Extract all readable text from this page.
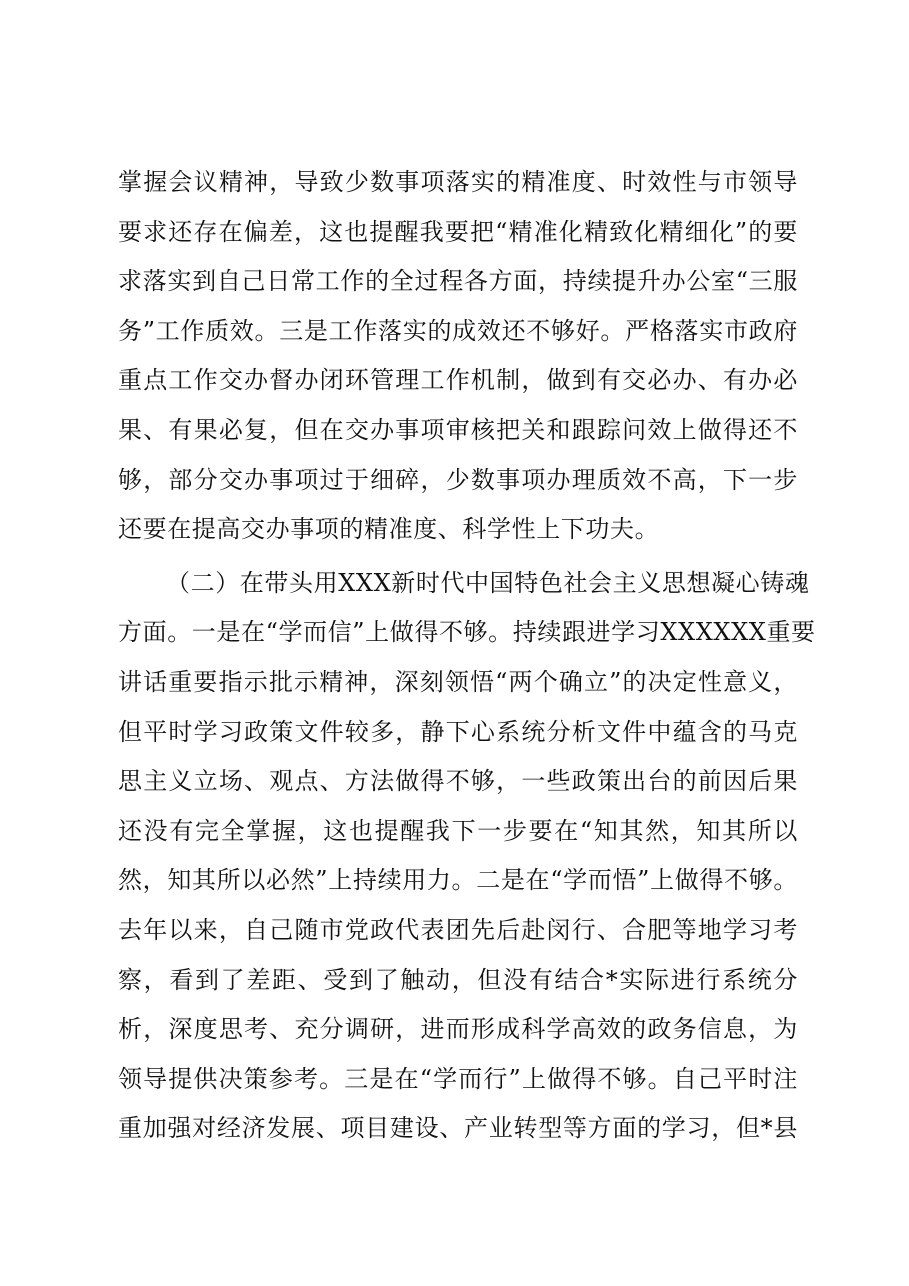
掌握会议精神，导致少数事项落实的精准度、时效性与市领导
要求还存在偏差，这也提醒我要把“精准化精致化精细化”的要
求落实到自己日常工作的全过程各方面，持续提升办公室“三服
务”工作质效。三是工作落实的成效还不够好。严格落实市政府
重点工作交办督办闭环管理工作机制，做到有交必办、有办必
果、有果必复，但在交办事项审核把关和跟踪问效上做得还不
够，部分交办事项过于细碎，少数事项办理质效不高，下一步
还要在提高交办事项的精准度、科学性上下功夫。
（二）在带头用XXX新时代中国特色社会主义思想凝心铸魂
方面。一是在“学而信”上做得不够。持续跟进学习XXXXXX重要
讲话重要指示批示精神，深刻领悟“两个确立”的决定性意义，
但平时学习政策文件较多，静下心系统分析文件中蕴含的马克
思主义立场、观点、方法做得不够，一些政策出台的前因后果
还没有完全掌握，这也提醒我下一步要在“知其然，知其所以
然，知其所以必然”上持续用力。二是在“学而悟”上做得不够。
去年以来，自己随市党政代表团先后赴闵行、合肥等地学习考
察，看到了差距、受到了触动，但没有结合*实际进行系统分
析，深度思考、充分调研，进而形成科学高效的政务信息，为
领导提供决策参考。三是在“学而行”上做得不够。自己平时注
重加强对经济发展、项目建设、产业转型等方面的学习，但*县
